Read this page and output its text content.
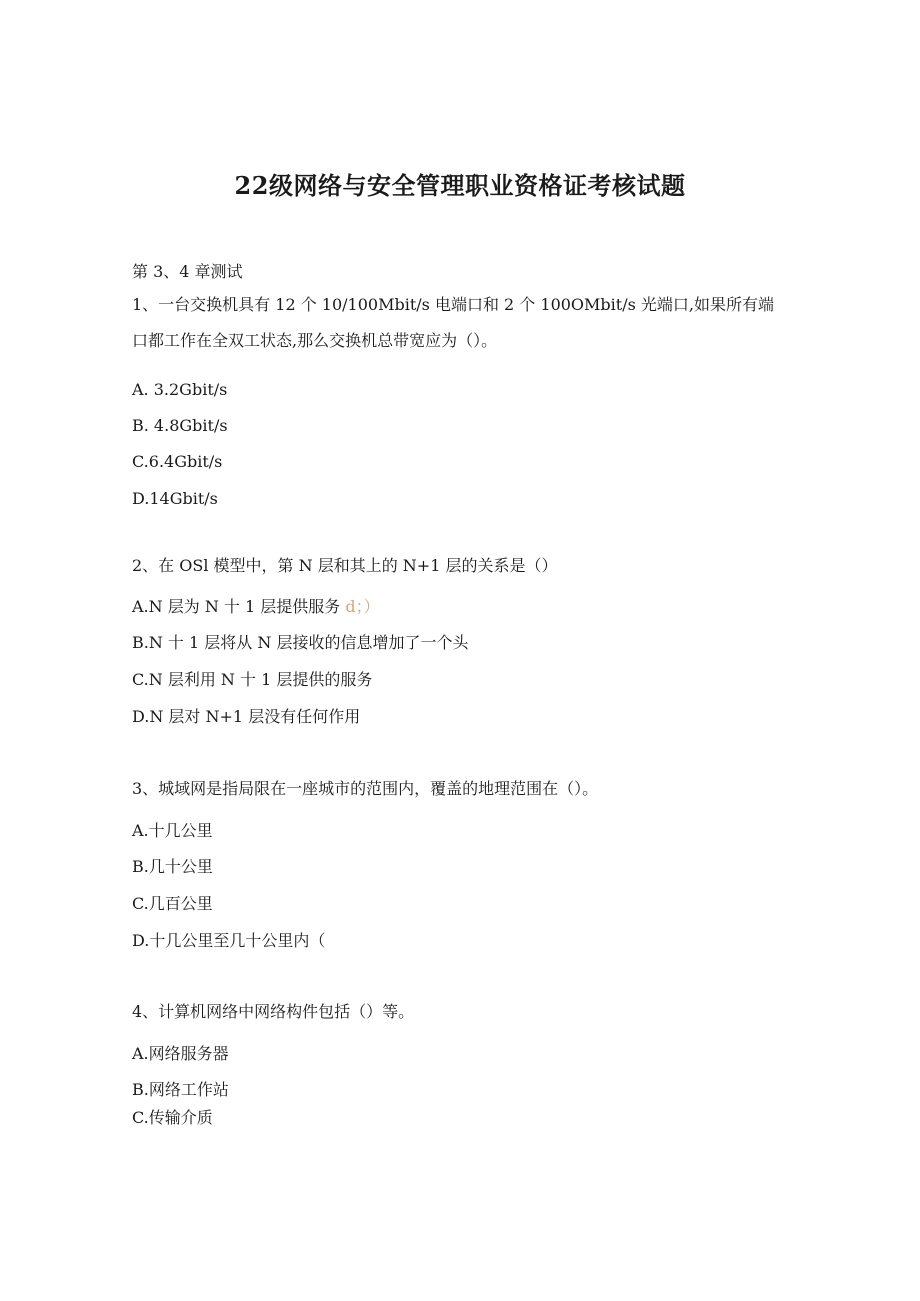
22级网络与安全管理职业资格证考核试题
第 3、4 章测试
1、一台交换机具有 12 个 10/100Mbit/s 电端口和 2 个 100OMbit/s 光端口,如果所有端
口都工作在全双工状态,那么交换机总带宽应为（）。
A. 3.2Gbit/s
B. 4.8Gbit/s
C.6.4Gbit/s
D.14Gbit/s
2、在 OSl 模型中，第 N 层和其上的 N+1 层的关系是（）
A.N 层为 N 十 1 层提供服务 d；）
B.N 十 1 层将从 N 层接收的信息增加了一个头
C.N 层利用 N 十 1 层提供的服务
D.N 层对 N+1 层没有任何作用
3、城域网是指局限在一座城市的范围内，覆盖的地理范围在（）。
A.十几公里
B.几十公里
C.几百公里
D.十几公里至几十公里内（
4、计算机网络中网络构件包括（）等。
A.网络服务器
B.网络工作站
C.传输介质
